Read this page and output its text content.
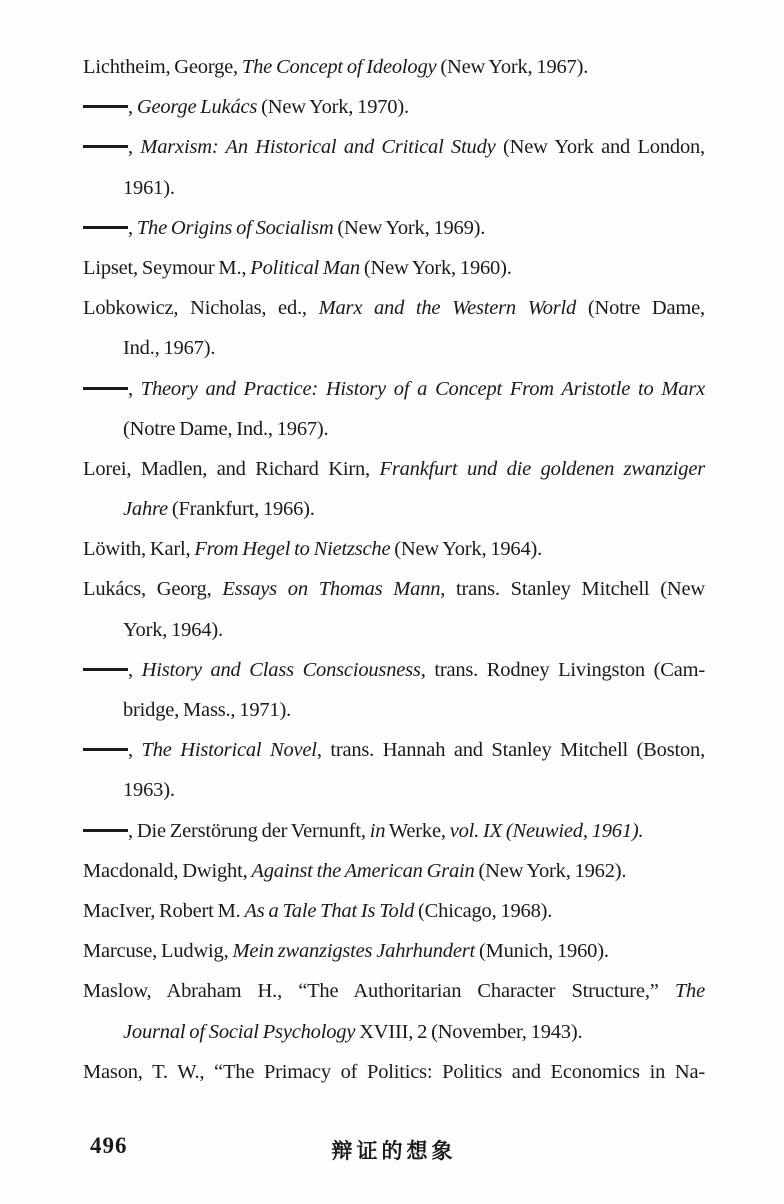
Lichtheim, George, The Concept of Ideology (New York, 1967).
, George Lukács (New York, 1970).
, Marxism: An Historical and Critical Study (New York and London,
1961).
, The Origins of Socialism (New York, 1969).
Lipset, Seymour M., Political Man (New York, 1960).
Lobkowicz, Nicholas, ed., Marx and the Western World (Notre Dame,
Ind., 1967).
, Theory and Practice: History of a Concept From Aristotle to Marx
(Notre Dame, Ind., 1967).
Lorei, Madlen, and Richard Kirn, Frankfurt und die goldenen zwanziger
Jahre (Frankfurt, 1966).
Löwith, Karl, From Hegel to Nietzsche (New York, 1964).
Lukács, Georg, Essays on Thomas Mann, trans. Stanley Mitchell (New
York, 1964).
, History and Class Consciousness, trans. Rodney Livingston (Cam-
bridge, Mass., 1971).
, The Historical Novel, trans. Hannah and Stanley Mitchell (Boston,
1963).
, Die Zerstörung der Vernunft, in Werke, vol. IX (Neuwied, 1961).
Macdonald, Dwight, Against the American Grain (New York, 1962).
MacIver, Robert M. As a Tale That Is Told (Chicago, 1968).
Marcuse, Ludwig, Mein zwanzigstes Jahrhundert (Munich, 1960).
Maslow, Abraham H., “The Authoritarian Character Structure,” The
Journal of Social Psychology XVIII, 2 (November, 1943).
Mason, T. W., “The Primacy of Politics: Politics and Economics in Na-
496	辩证的想象
